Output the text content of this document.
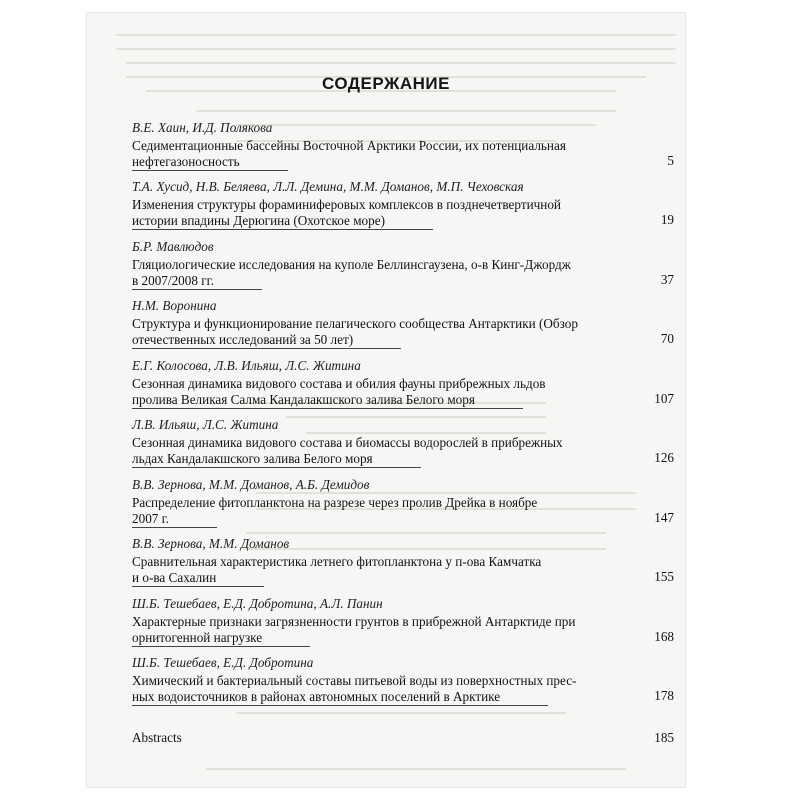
СОДЕРЖАНИЕ
В.Е. Хаин, И.Д. Полякова
Седиментационные бассейны Восточной Арктики России, их потенциальная
нефтегазоносность	5
Т.А. Хусид, Н.В. Беляева, Л.Л. Демина, М.М. Доманов, М.П. Чеховская
Изменения структуры фораминиферовых комплексов в позднечетвертичной
истории впадины Дерюгина (Охотское море)	19
Б.Р. Мавлюдов
Гляциологические исследования на куполе Беллинсгаузена, о-в Кинг-Джордж
в 2007/2008 гг.	37
Н.М. Воронина
Структура и функционирование пелагического сообщества Антарктики (Обзор
отечественных исследований за 50 лет)	70
Е.Г. Колосова, Л.В. Ильяш, Л.С. Житина
Сезонная динамика видового состава и обилия фауны прибрежных льдов
пролива Великая Салма Кандалакшского залива Белого моря	107
Л.В. Ильяш, Л.С. Житина
Сезонная динамика видового состава и биомассы водорослей в прибрежных
льдах Кандалакшского залива Белого моря	126
В.В. Зернова, М.М. Доманов, А.Б. Демидов
Распределение фитопланктона на разрезе через пролив Дрейка в ноябре
2007 г.	147
В.В. Зернова, М.М. Доманов
Сравнительная характеристика летнего фитопланктона у п-ова Камчатка
и о-ва Сахалин	155
Ш.Б. Тешебаев, Е.Д. Добротина, А.Л. Панин
Характерные признаки загрязненности грунтов в прибрежной Антарктиде при
орнитогенной нагрузке	168
Ш.Б. Тешебаев, Е.Д. Добротина
Химический и бактериальный составы питьевой воды из поверхностных прес-
ных водоисточников в районах автономных поселений в Арктике	178
Abstracts	185
